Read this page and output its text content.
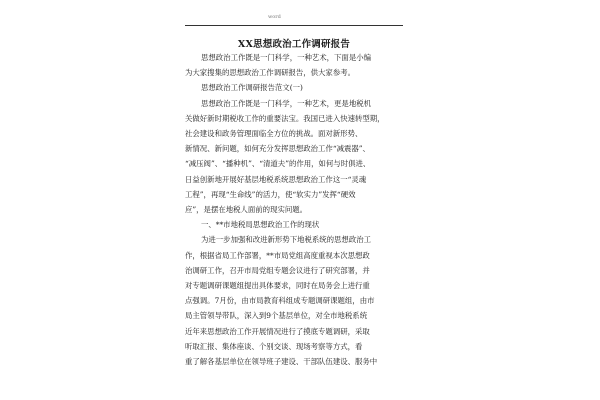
word
XX思想政治工作调研报告
思想政治工作既是一门科学，一种艺术，下面是小编
为大家搜集的思想政治工作调研报告，供大家参考。
思想政治工作调研报告范文(一)
思想政治工作既是一门科学，一种艺术，更是地税机
关做好新时期税收工作的重要法宝。我国已进入快速转型期，
社会建设和政务管理面临全方位的挑战。面对新形势、
新情况、新问题，如何充分发挥思想政治工作“减震器”、
“减压阀”、“播种机”、“清道夫”的作用，如何与时俱进、
日益创新地开展好基层地税系统思想政治工作这一“灵魂
工程”，再现“生命线”的活力，使“软实力”发挥“硬效
应”，是摆在地税人面前的现实问题。
一、**市地税局思想政治工作的现状
为进一步加强和改进新形势下地税系统的思想政治工
作，根据省局工作部署，**市局党组高度重视本次思想政
治调研工作，召开市局党组专题会议进行了研究部署，并
对专题调研课题组提出具体要求，同时在局务会上进行重
点强调。7月份，由市局教育科组成专题调研课题组，由市
局主管领导带队，深入到9个基层单位，对全市地税系统
近年来思想政治工作开展情况进行了摸底专题调研，采取
听取汇报、集体座谈、个别交谈、现场考察等方式，看
重了解各基层单位在领导班子建设、干部队伍建设、服务中
